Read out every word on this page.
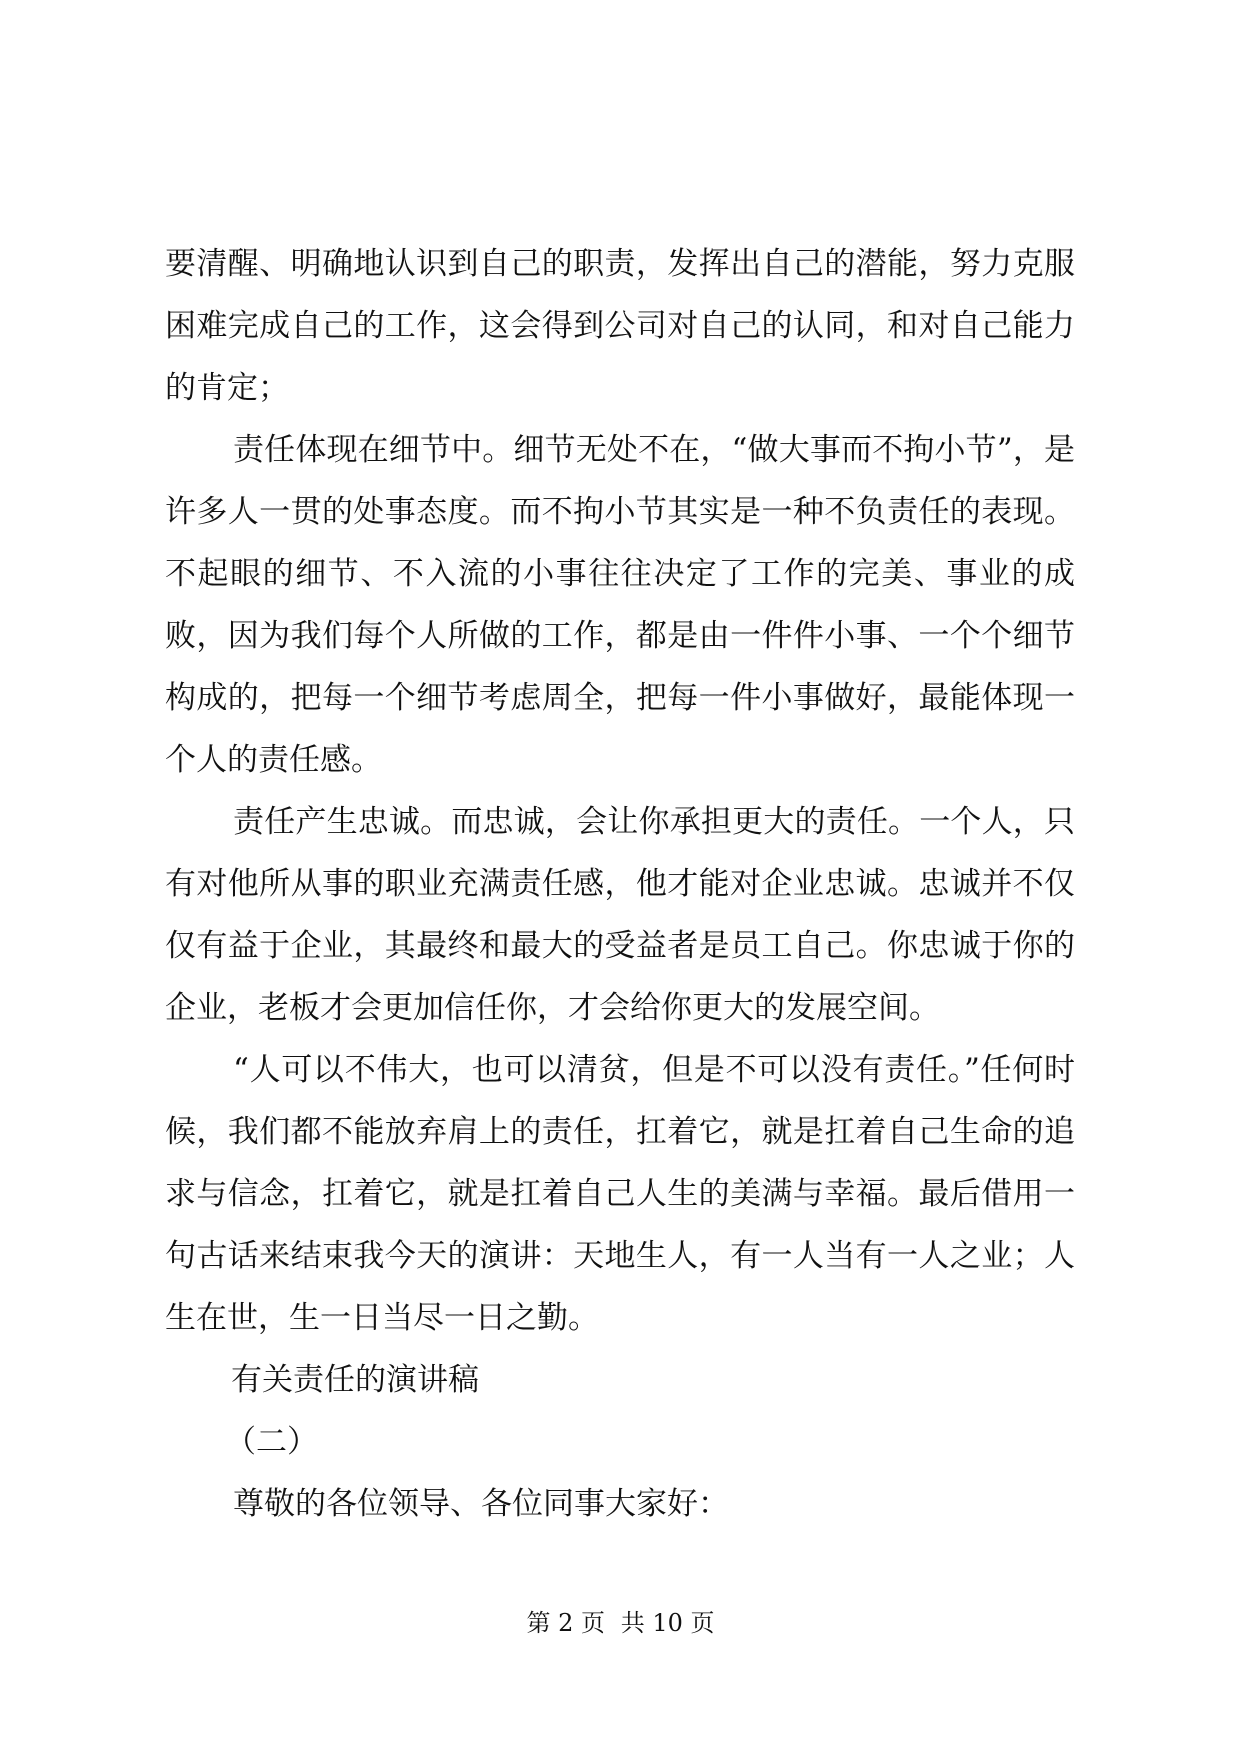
要清醒、明确地认识到自己的职责，发挥出自己的潜能，努力克服困难完成自己的工作，这会得到公司对自己的认同，和对自己能力的肯定；

责任体现在细节中。细节无处不在，“做大事而不拘小节”，是许多人一贯的处事态度。而不拘小节其实是一种不负责任的表现。不起眼的细节、不入流的小事往往决定了工作的完美、事业的成败，因为我们每个人所做的工作，都是由一件件小事、一个个细节构成的，把每一个细节考虑周全，把每一件小事做好，最能体现一个人的责任感。

责任产生忠诚。而忠诚，会让你承担更大的责任。一个人，只有对他所从事的职业充满责任感，他才能对企业忠诚。忠诚并不仅仅有益于企业，其最终和最大的受益者是员工自己。你忠诚于你的企业，老板才会更加信任你，才会给你更大的发展空间。

“人可以不伟大，也可以清贫，但是不可以没有责任。”任何时候，我们都不能放弃肩上的责任，扛着它，就是扛着自己生命的追求与信念，扛着它，就是扛着自己人生的美满与幸福。最后借用一句古话来结束我今天的演讲：天地生人，有一人当有一人之业；人生在世，生一日当尽一日之勤。

有关责任的演讲稿

（二）

尊敬的各位领导、各位同事大家好：

第 2 页 共 10 页
